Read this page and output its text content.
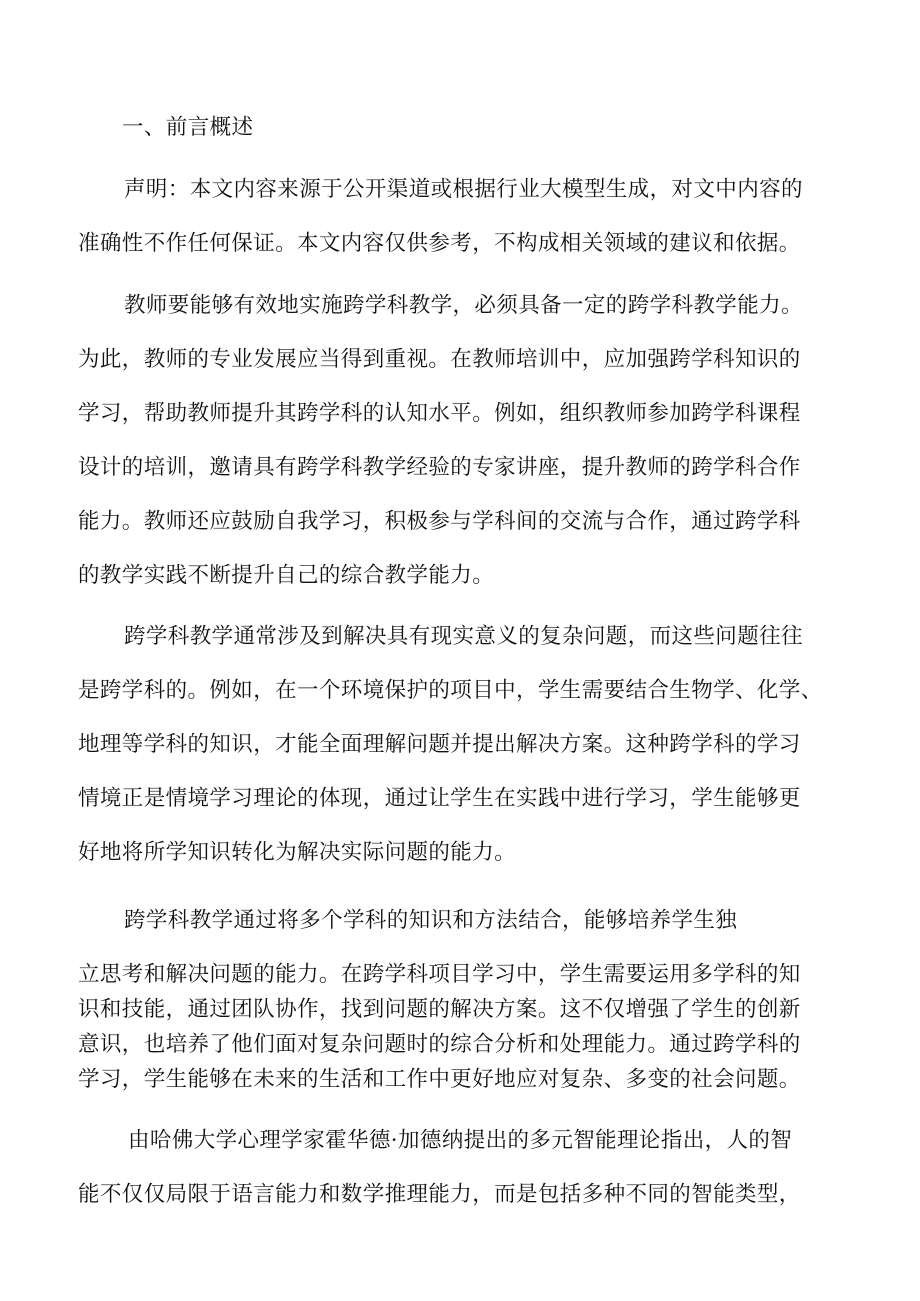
一、前言概述
声明：本文内容来源于公开渠道或根据行业大模型生成，对文中内容的
准确性不作任何保证。本文内容仅供参考，不构成相关领域的建议和依据。
教师要能够有效地实施跨学科教学，必须具备一定的跨学科教学能力。
为此，教师的专业发展应当得到重视。在教师培训中，应加强跨学科知识的
学习，帮助教师提升其跨学科的认知水平。例如，组织教师参加跨学科课程
设计的培训，邀请具有跨学科教学经验的专家讲座，提升教师的跨学科合作
能力。教师还应鼓励自我学习，积极参与学科间的交流与合作，通过跨学科
的教学实践不断提升自己的综合教学能力。
跨学科教学通常涉及到解决具有现实意义的复杂问题，而这些问题往往
是跨学科的。例如，在一个环境保护的项目中，学生需要结合生物学、化学、
地理等学科的知识，才能全面理解问题并提出解决方案。这种跨学科的学习
情境正是情境学习理论的体现，通过让学生在实践中进行学习，学生能够更
好地将所学知识转化为解决实际问题的能力。
跨学科教学通过将多个学科的知识和方法结合，能够培养学生独
立思考和解决问题的能力。在跨学科项目学习中，学生需要运用多学科的知
识和技能，通过团队协作，找到问题的解决方案。这不仅增强了学生的创新
意识，也培养了他们面对复杂问题时的综合分析和处理能力。通过跨学科的
学习，学生能够在未来的生活和工作中更好地应对复杂、多变的社会问题。
由哈佛大学心理学家霍华德·加德纳提出的多元智能理论指出，人的智
能不仅仅局限于语言能力和数学推理能力，而是包括多种不同的智能类型，
